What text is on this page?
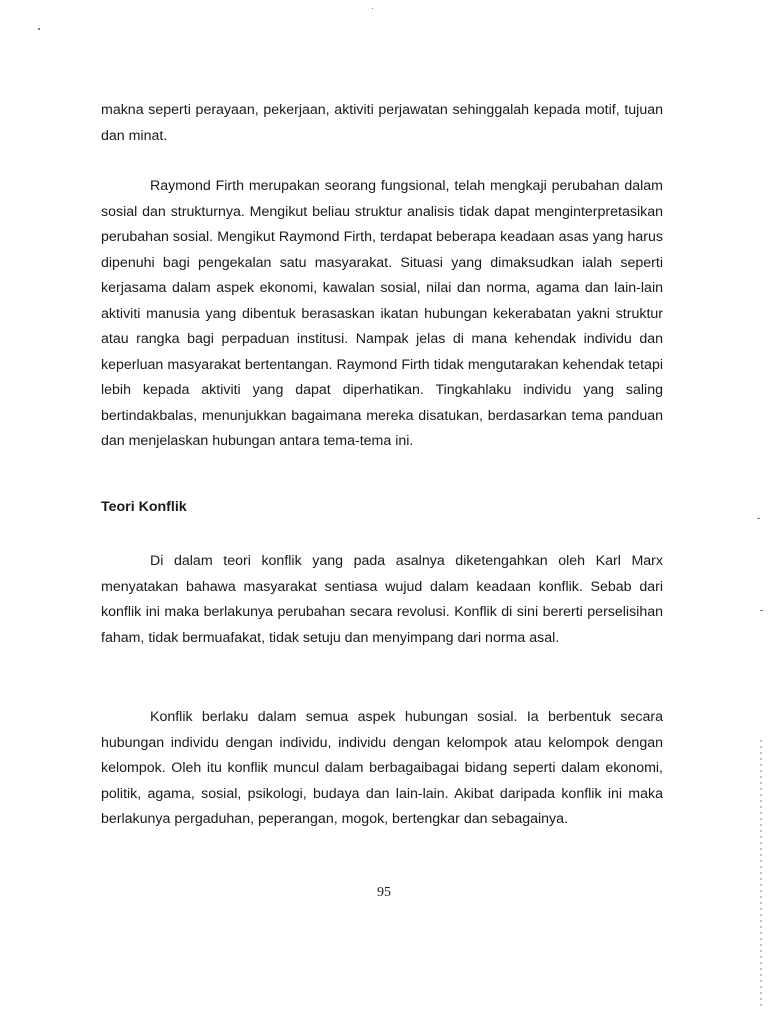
makna seperti perayaan, pekerjaan, aktiviti perjawatan sehinggalah kepada motif, tujuan dan minat.

Raymond Firth merupakan seorang fungsional, telah mengkaji perubahan dalam sosial dan strukturnya. Mengikut beliau struktur analisis tidak dapat menginterpretasikan perubahan sosial. Mengikut Raymond Firth, terdapat beberapa keadaan asas yang harus dipenuhi bagi pengekalan satu masyarakat. Situasi yang dimaksudkan ialah seperti kerjasama dalam aspek ekonomi, kawalan sosial, nilai dan norma, agama dan lain-lain aktiviti manusia yang dibentuk berasaskan ikatan hubungan kekerabatan yakni struktur atau rangka bagi perpaduan institusi. Nampak jelas di mana kehendak individu dan keperluan masyarakat bertentangan. Raymond Firth tidak mengutarakan kehendak tetapi lebih kepada aktiviti yang dapat diperhatikan. Tingkahlaku individu yang saling bertindakbalas, menunjukkan bagaimana mereka disatukan, berdasarkan tema panduan dan menjelaskan hubungan antara tema-tema ini.

Teori Konflik

Di dalam teori konflik yang pada asalnya diketengahkan oleh Karl Marx menyatakan bahawa masyarakat sentiasa wujud dalam keadaan konflik. Sebab dari konflik ini maka berlakunya perubahan secara revolusi. Konflik di sini bererti perselisihan faham, tidak bermuafakat, tidak setuju dan menyimpang dari norma asal.

Konflik berlaku dalam semua aspek hubungan sosial. Ia berbentuk secara hubungan individu dengan individu, individu dengan kelompok atau kelompok dengan kelompok. Oleh itu konflik muncul dalam berbagaibagai bidang seperti dalam ekonomi, politik, agama, sosial, psikologi, budaya dan lain-lain. Akibat daripada konflik ini maka berlakunya pergaduhan, peperangan, mogok, bertengkar dan sebagainya.

95
